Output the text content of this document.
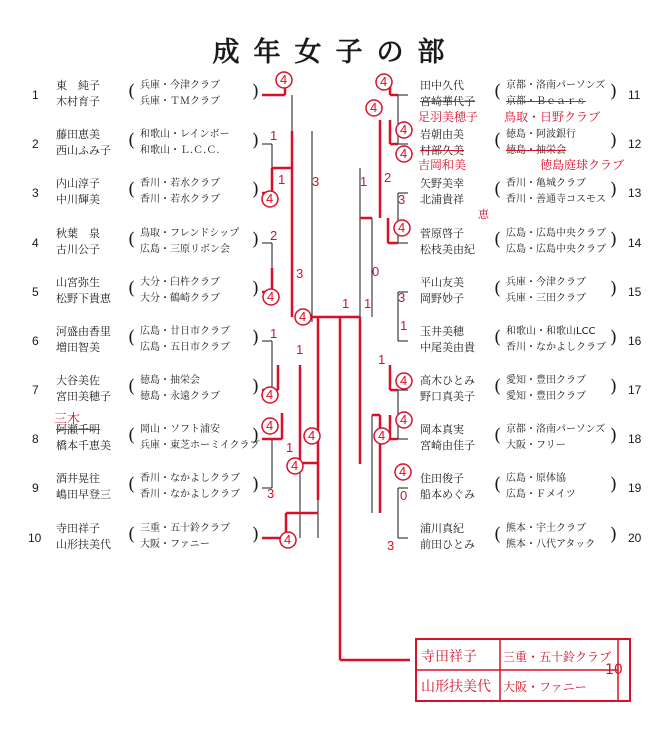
成年女子の部
1
東　純子
木村育子
(
兵庫・今津クラブ
兵庫・ＴＭクラブ
)
2
藤田恵美
西山ふみ子
(
和歌山・レインボー
和歌山・Ｌ.Ｃ.Ｃ.
)
3
内山淳子
中川輝美
(
香川・若水クラブ
香川・若水クラブ
)
4
秋葉　泉
古川公子
(
鳥取・フレンドシップ
広島・三原リボン会
)
5
山宮弥生
松野下貴恵
(
大分・臼杵クラブ
大分・鶴崎クラブ
)
6
河盛由香里
増田智美
(
広島・廿日市クラブ
広島・五日市クラブ
)
7
大谷美佐
宮田美穂子
(
徳島・抽栄会
徳島・永遠クラブ
)
8
阿瀬千明
橋本千恵美
(
岡山・ソフト浦安
兵庫・東芝ホーミイクラブ
)
9
酒井晃往
嶋田早登三
(
香川・なかよしクラブ
香川・なかよしクラブ
)
10
寺田祥子
山形扶美代
(
三重・五十鈴クラブ
大阪・ファニー
)
田中久代
宮崎華代子
(
京都・洛南パーソンズ
京都・Ｂｅａｒｓ )	11
岩朝由美
村部久美
(
徳島・阿波銀行
徳島・抽栄会 )	12
矢野美幸
北浦貴祥
(
香川・亀城クラブ
香川・善通寺コスモス ) 13
菅原啓子
松枝美由紀
(
広島・広島中央クラブ
広島・広島中央クラブ ) 14
平山友美
岡野妙子
(
兵庫・今津クラブ
兵庫・三田クラブ )	15
玉井美穂
中尾美由貴
(
和歌山・和歌山LCC
香川・なかよしクラブ ) 16
高木ひとみ
野口真美子
(
愛知・豊田クラブ
愛知・豊田クラブ )	17
岡本真実
宮崎由佳子
(
京都・洛南パーソンズ
大阪・フリー )	18
住田俊子
船本めぐみ
(
広島・原体協
広島・Ｆメイツ )	19
浦川真紀
前田ひとみ
(
熊本・宇土クラブ
熊本・八代アタック )	20
4
4
4
4
4
4
4
4
4
4
4
4
4
4
4
4
4
4
1
1 3
2
3
1
1
1
1
3
2
3
1
0
3
1
1
1
0
3
三木
足羽美穂子 鳥取・日野クラブ
吉岡和美	徳島庭球クラブ
恵
寺田祥子 三重・五十鈴クラブ
山形扶美代 大阪・ファニー
10
